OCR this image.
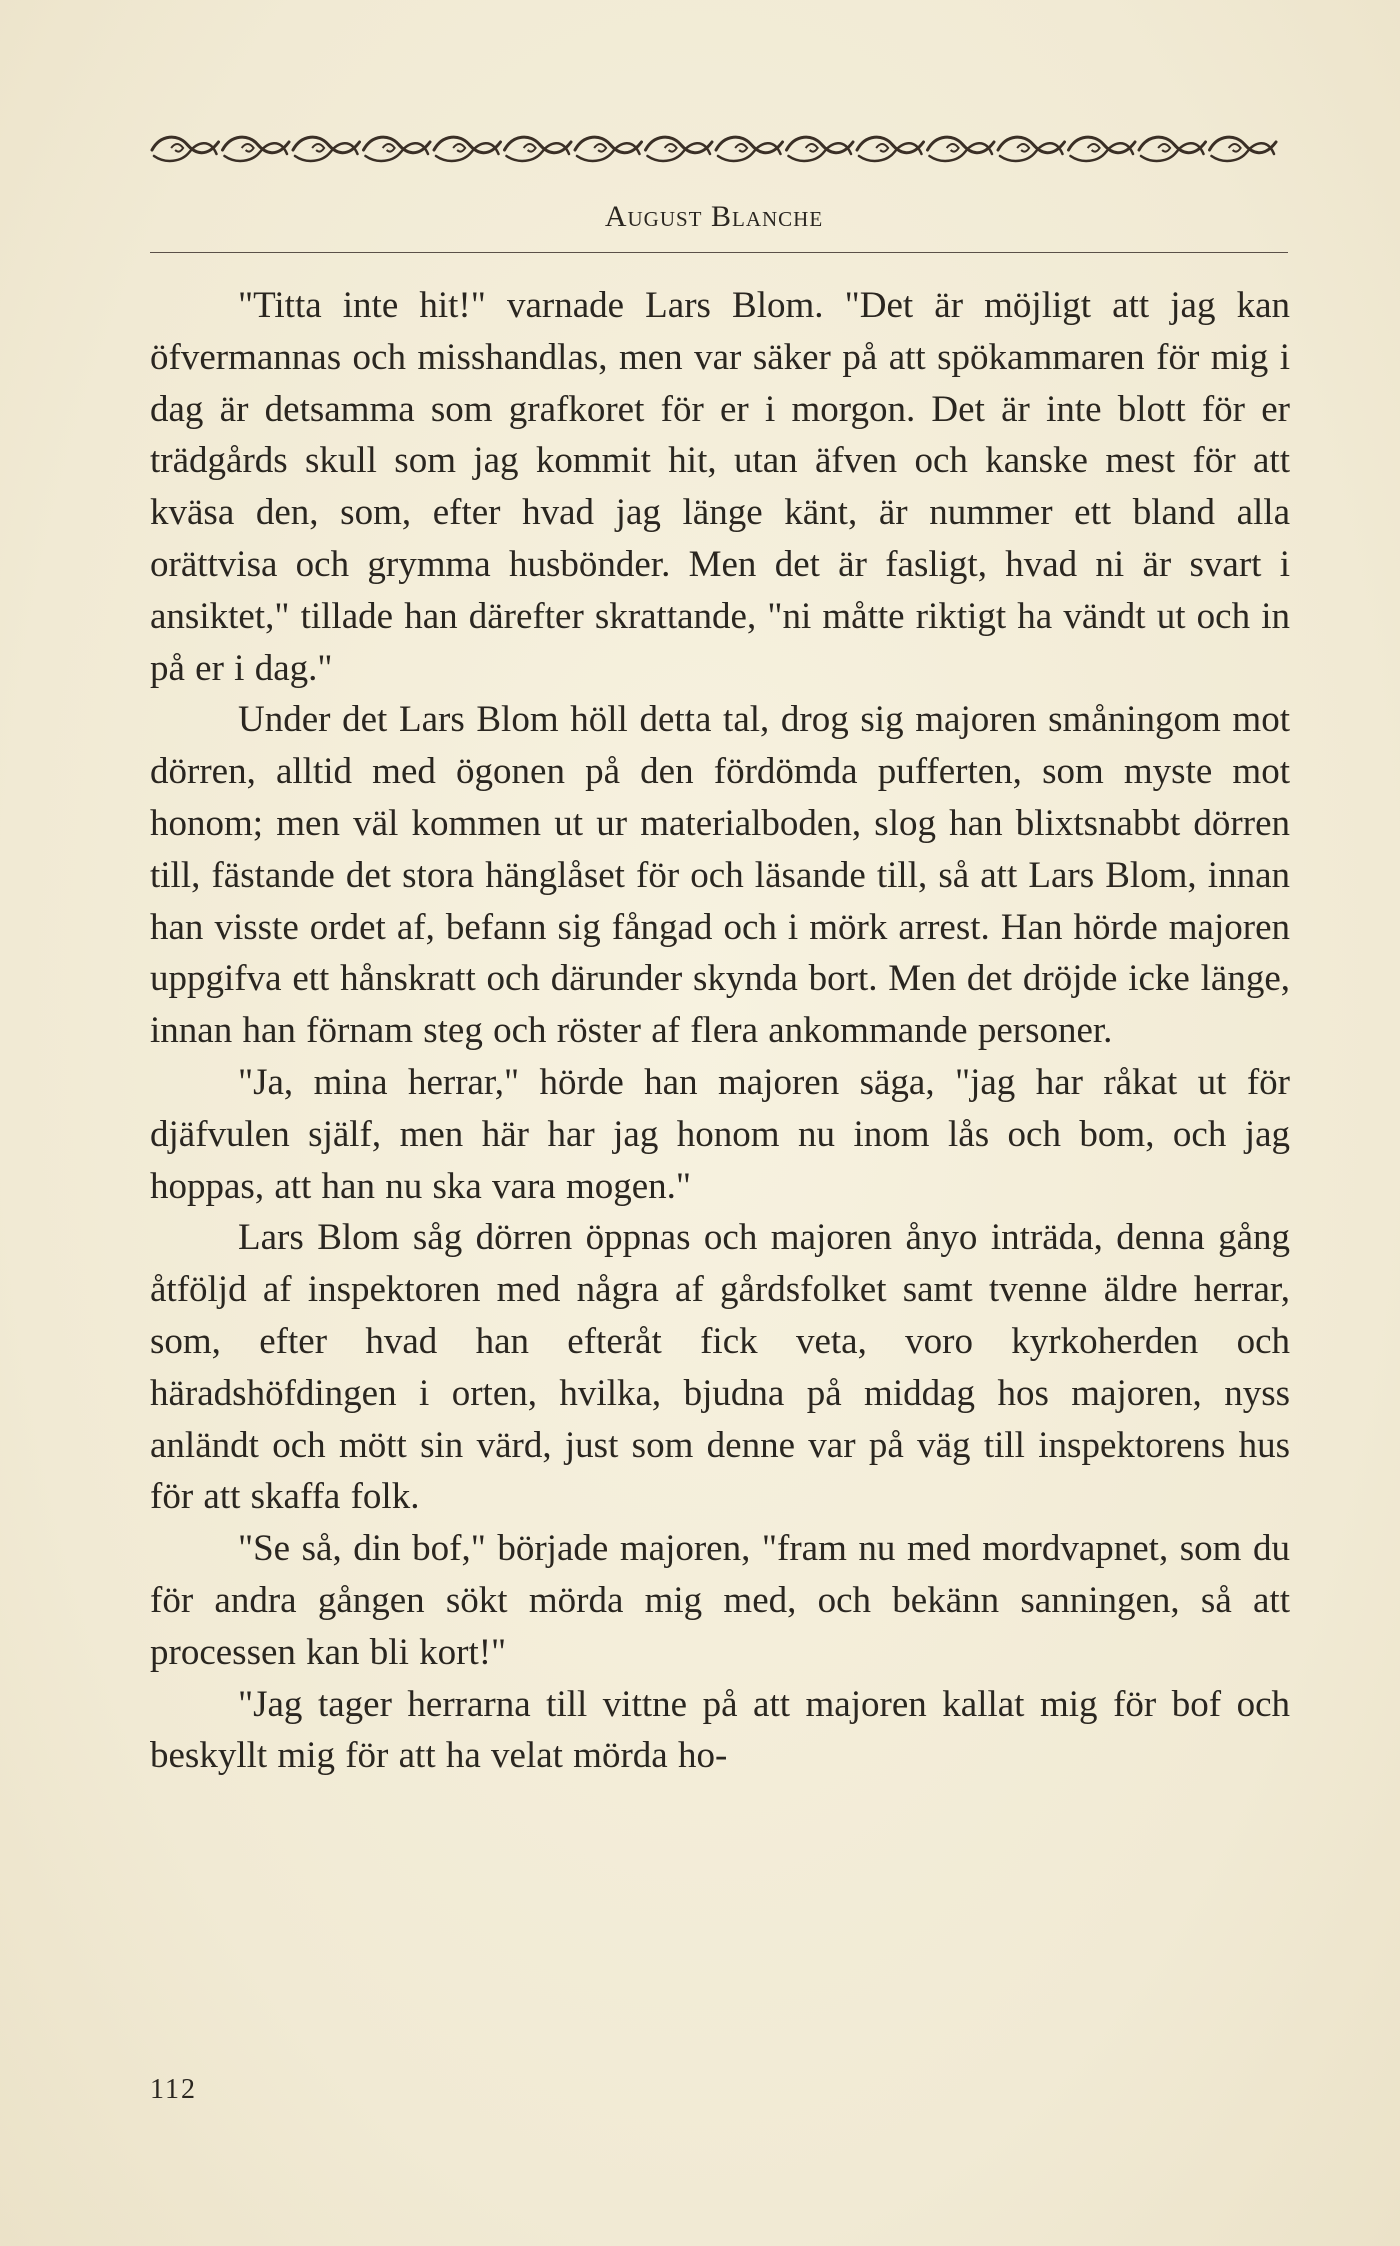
August Blanche

"Titta inte hit!" varnade Lars Blom. "Det är möjligt att jag kan öfvermannas och misshandlas, men var säker på att spökammaren för mig i dag är detsamma som grafkoret för er i morgon. Det är inte blott för er trädgårds skull som jag kommit hit, utan äfven och kanske mest för att kväsa den, som, efter hvad jag länge känt, är nummer ett bland alla orättvisa och grymma husbönder. Men det är fasligt, hvad ni är svart i ansiktet," tillade han därefter skrattande, "ni måtte riktigt ha vändt ut och in på er i dag."

Under det Lars Blom höll detta tal, drog sig majoren småningom mot dörren, alltid med ögonen på den fördömda pufferten, som myste mot honom; men väl kommen ut ur materialboden, slog han blixtsnabbt dörren till, fästande det stora hänglåset för och läsande till, så att Lars Blom, innan han visste ordet af, befann sig fångad och i mörk arrest. Han hörde majoren uppgifva ett hånskratt och därunder skynda bort. Men det dröjde icke länge, innan han förnam steg och röster af flera ankommande personer.

"Ja, mina herrar," hörde han majoren säga, "jag har råkat ut för djäfvulen själf, men här har jag honom nu inom lås och bom, och jag hoppas, att han nu ska vara mogen."

Lars Blom såg dörren öppnas och majoren ånyo inträda, denna gång åtföljd af inspektoren med några af gårdsfolket samt tvenne äldre herrar, som, efter hvad han efteråt fick veta, voro kyrkoherden och häradshöfdingen i orten, hvilka, bjudna på middag hos majoren, nyss anländt och mött sin värd, just som denne var på väg till inspektorens hus för att skaffa folk.

"Se så, din bof," började majoren, "fram nu med mordvapnet, som du för andra gången sökt mörda mig med, och bekänn sanningen, så att processen kan bli kort!"

"Jag tager herrarna till vittne på att majoren kallat mig för bof och beskyllt mig för att ha velat mörda ho-

112
